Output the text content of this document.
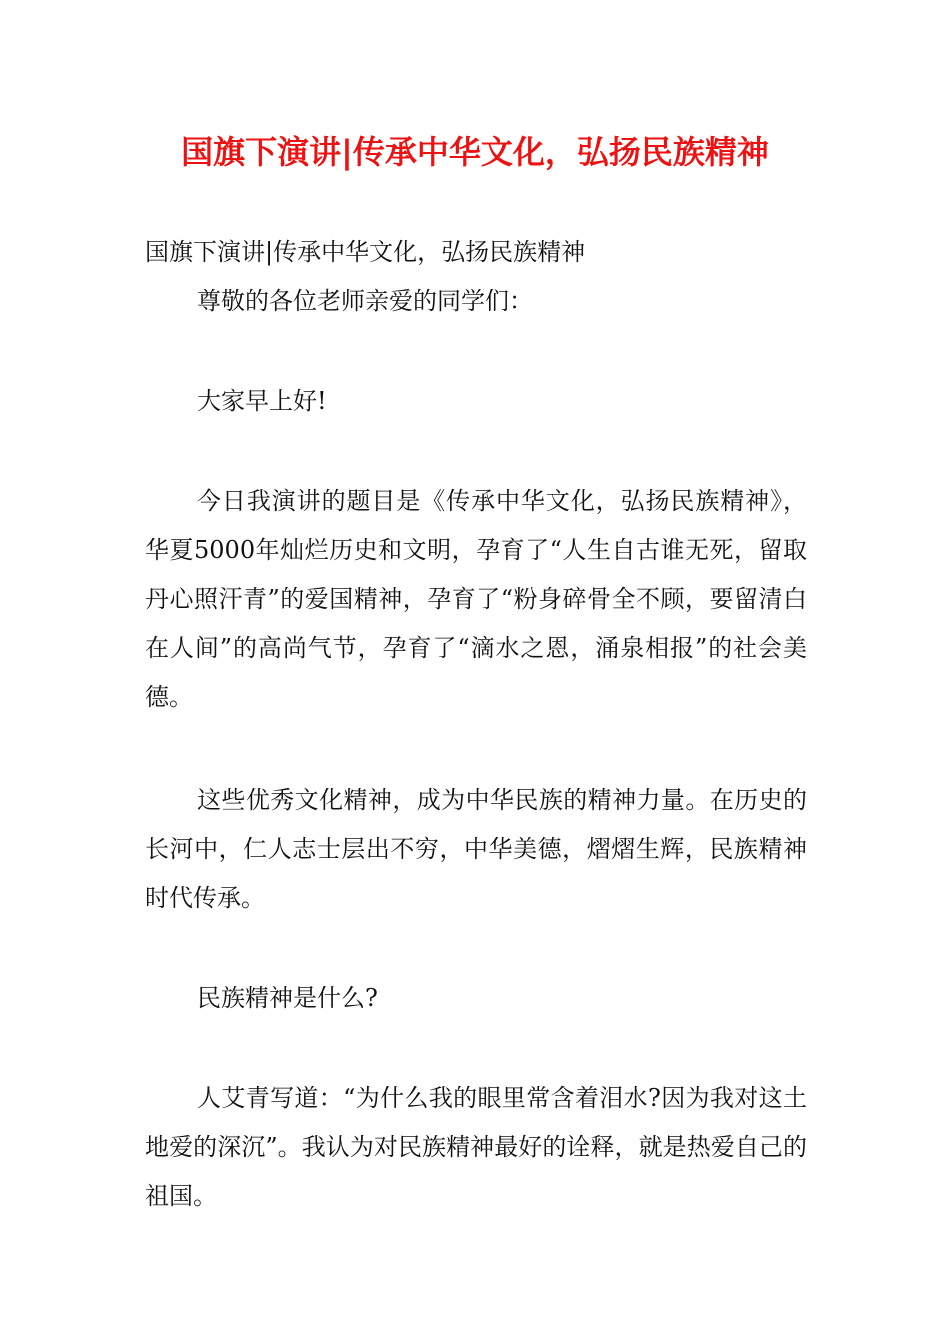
国旗下演讲|传承中华文化，弘扬民族精神

国旗下演讲|传承中华文化，弘扬民族精神

尊敬的各位老师亲爱的同学们：

大家早上好!

今日我演讲的题目是《传承中华文化，弘扬民族精神》，华夏5000年灿烂历史和文明，孕育了“人生自古谁无死，留取丹心照汗青”的爱国精神，孕育了“粉身碎骨全不顾，要留清白在人间”的高尚气节，孕育了“滴水之恩，涌泉相报”的社会美德。

这些优秀文化精神，成为中华民族的精神力量。在历史的长河中，仁人志士层出不穷，中华美德，熠熠生辉，民族精神时代传承。

民族精神是什么?

人艾青写道：“为什么我的眼里常含着泪水?因为我对这土地爱的深沉”。我认为对民族精神最好的诠释，就是热爱自己的祖国。
